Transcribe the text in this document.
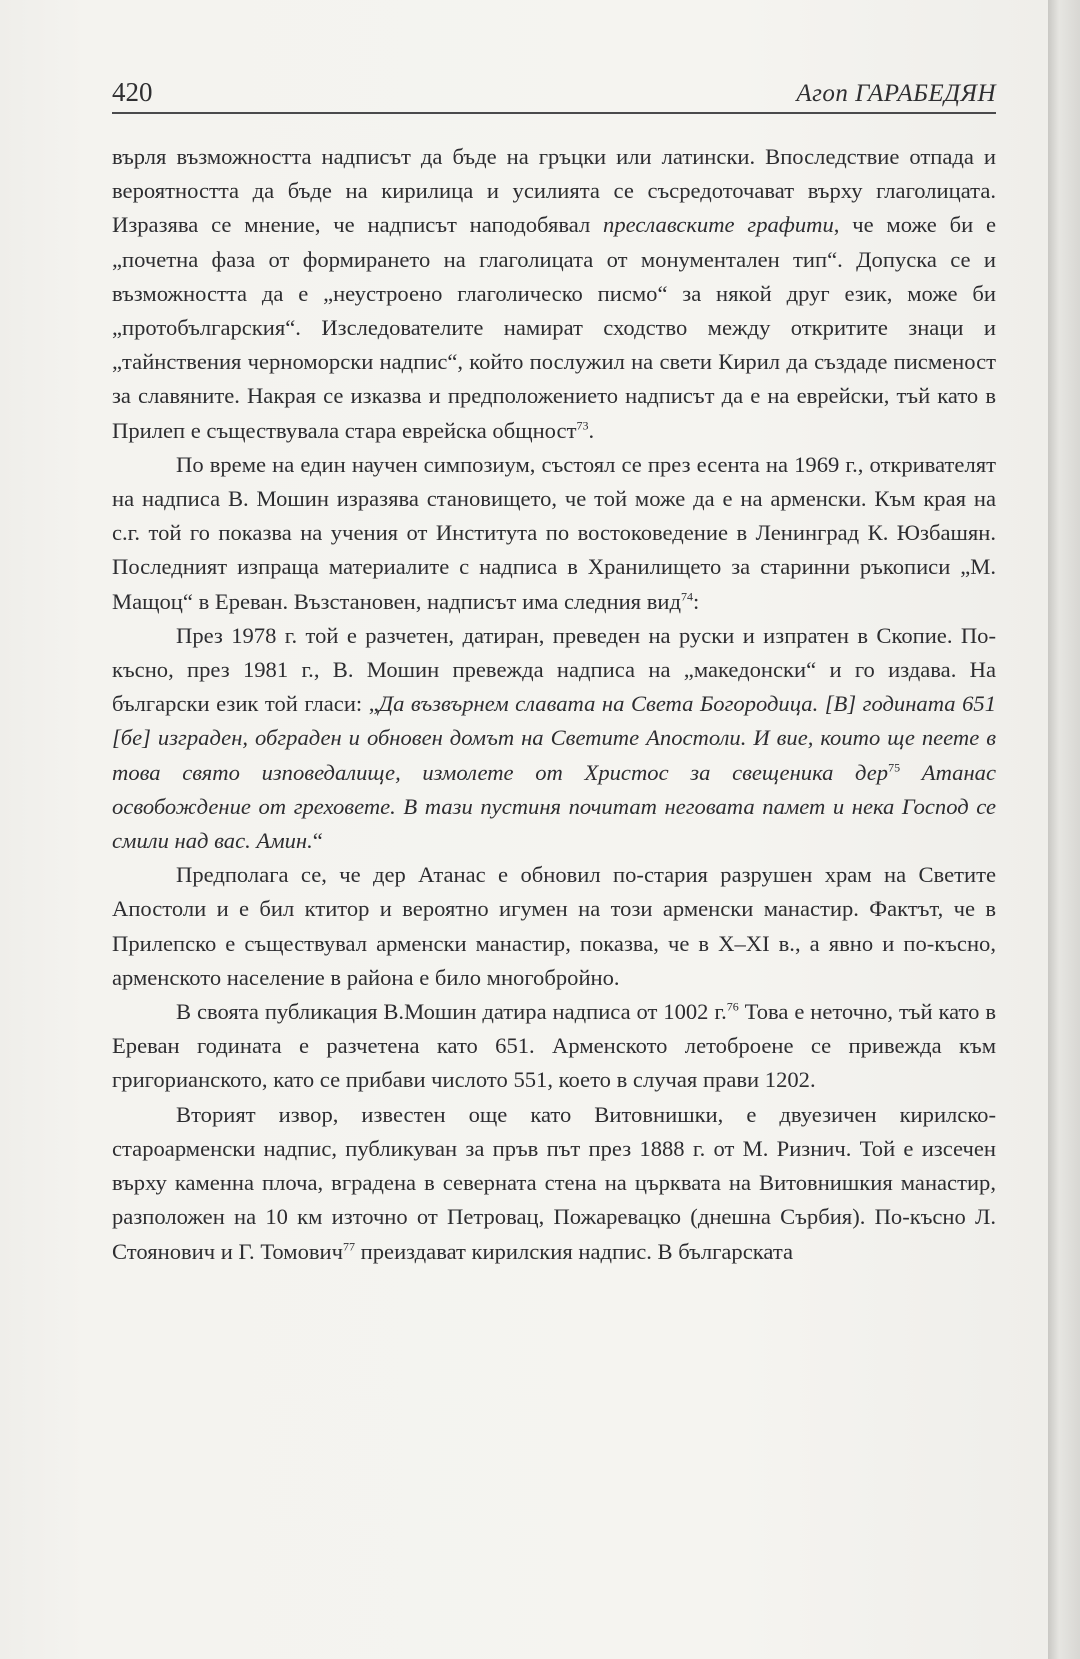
420	Агоп ГАРАБЕДЯН

върля възможността надписът да бъде на гръцки или латински. Впоследствие отпада и вероятността да бъде на кирилица и усилията се съсредоточават върху глаголицата. Изразява се мнение, че надписът наподобявал преславските графити, че може би е „почетна фаза от формирането на глаголицата от монументален тип“. Допуска се и възможността да е „неустроено глаголическо писмо“ за някой друг език, може би „протобългарския“. Изследователите намират сходство между откритите знаци и „тайнствения черноморски надпис“, който послужил на свети Кирил да създаде писменост за славяните. Накрая се изказва и предположението надписът да е на еврейски, тъй като в Прилеп е съществувала стара еврейска общност$^{73}$.

По време на един научен симпозиум, състоял се през есента на 1969 г., откривателят на надписа В. Мошин изразява становището, че той може да е на арменски. Към края на с.г. той го показва на учения от Института по востоковедение в Ленинград К. Юзбашян. Последният изпраща материалите с надписа в Хранилището за старинни ръкописи „М. Мащоц“ в Ереван. Възстановен, надписът има следния вид$^{74}$:

През 1978 г. той е разчетен, датиран, преведен на руски и изпратен в Скопие. По-късно, през 1981 г., В. Мошин превежда надписа на „македонски“ и го издава. На български език той гласи: „Да възвърнем славата на Света Богородица. [В] годината 651 [бе] изграден, обграден и обновен домът на Светите Апостоли. И вие, които ще пеете в това свято изповедалище, измолете от Христос за свещеника дер$^{75}$ Атанас освобождение от греховете. В тази пустиня почитат неговата памет и нека Господ се смили над вас. Амин.“

Предполага се, че дер Атанас е обновил по-стария разрушен храм на Светите Апостоли и е бил ктитор и вероятно игумен на този арменски манастир. Фактът, че в Прилепско е съществувал арменски манастир, показва, че в X–XI в., а явно и по-късно, арменското население в района е било многобройно.

В своята публикация В.Мошин датира надписа от 1002 г.$^{76}$ Това е неточно, тъй като в Ереван годината е разчетена като 651. Арменското летоброене се привежда към григорианското, като се прибави числото 551, което в случая прави 1202.

Вторият извор, известен още като Витовнишки, е двуезичен кирилско-староарменски надпис, публикуван за пръв път през 1888 г. от М. Ризнич. Той е изсечен върху каменна плоча, вградена в северната стена на църквата на Витовнишкия манастир, разположен на 10 км източно от Петровац, Пожаревацко (днешна Сърбия). По-късно Л. Стоянович и Г. Томович$^{77}$ преиздават кирилския надпис. В българската
